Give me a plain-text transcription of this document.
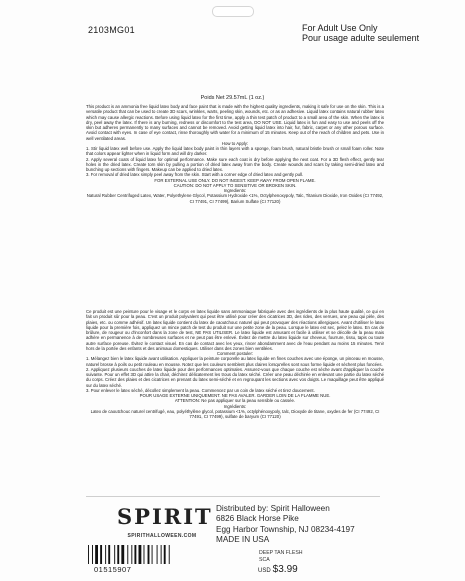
2103MG01	For Adult Use Only
Pour usage adulte seulement
Poids Net 29.57mL (1 oz.)

This product is an ammonia free liquid latex body and face paint that is made with the highest quality ingredients, making it safe for use on the skin. This is a versatile product that can be used to create 3D scars, wrinkles, warts, peeling skin, wounds, etc. or as an adhesive. Liquid latex contains natural rubber latex which may cause allergic reactions. Before using liquid latex for the first time, apply a thin test patch of product to a small area of the skin. When the latex is dry, peel away the latex. If there is any burning, redness or discomfort to the test area, DO NOT USE. Liquid latex is fun and easy to use and peels off the skin but adheres permanently to many surfaces and cannot be removed. Avoid getting liquid latex into hair, fur, fabric, carpet or any other porous surface. Avoid contact with eyes. In case of eye contact, rinse thoroughly with water for a minimum of 15 minutes. Keep out of the reach of children and pets. Use in well ventilated areas.

How to Apply:

1. Stir liquid latex well before use. Apply the liquid latex body paint in thin layers with a sponge, foam brush, natural bristle brush or small foam roller. Note that colors appear lighter when in liquid form and will dry darker.

2. Apply several coats of liquid latex for optimal performance. Make sure each coat is dry before applying the next coat. For a 3D flesh effect, gently tear holes in the dried latex. Create torn skin by pulling a portion of dried latex away from the body. Create wounds and scars by taking semi-dried latex and bunching up sections with fingers. Makeup can be applied to dried latex.

3. For removal of dried latex simply peel away from the skin. Start with a corner edge of dried latex and gently pull.

FOR EXTERNAL USE ONLY. DO NOT INGEST. KEEP AWAY FROM OPEN FLAME.

CAUTION: DO NOT APPLY TO SENSITIVE OR BROKEN SKIN.

Ingredients:

Natural Rubber Centrifuged Latex, Water, Polyethylene Glycol, Potassium Hydroxide <1%, Octylphenoxypoly, Talc, Titanium Dioxide, Iron Oxides (CI 77492, CI 77491, CI 77499), Barium Sulfate (CI 77120)

Ce produit est une peinture pour le visage et le corps en latex liquide sans ammoniaque fabriquée avec des ingrédients de la plus haute qualité, ce qui en fait un produit sûr pour la peau. C'est un produit polyvalent qui peut être utilisé pour créer des cicatrices 3D, des rides, des verrues, une peau qui pèle, des plaies, etc. ou comme adhésif. Un latex liquide contient du latex de caoutchouc naturel qui peut provoquer des réactions allergiques. Avant d'utiliser le latex liquide pour la première fois, appliquez un mince patch de test du produit sur une petite zone de la peau. Lorsque le latex est sec, pelez le latex. En cas de brûlure, de rougeur ou d'inconfort dans la zone de test, NE PAS UTILISER. Le latex liquide est amusant et facile à utiliser et se décolle de la peau mais adhère en permanence à de nombreuses surfaces et ne peut pas être enlevé. Évitez de mettre du latex liquide sur cheveux, fourrure, tissu, tapis ou toute autre surface poreuse. Évitez le contact visuel. En cas de contact avec les yeux, rincer abondamment avec de l'eau pendant au moins 15 minutes. Tenir hors de la portée des enfants et des animaux domestiques. Utiliser dans des zones bien ventilées.

Comment postuler:

1. Mélangez bien le latex liquide avant utilisation. Appliquer la peinture corporelle au latex liquide en fines couches avec une éponge, un pinceau en mousse, naturel brosse à poils ou petit rouleau en mousse. Notez que les couleurs semblent plus claires lorsqu'elles sont sous forme liquide et sèchent plus foncées.

2. Appliquez plusieurs couches de latex liquide pour des performances optimales. Assurez-vous que chaque couche est sèche avant d'appliquer la couche suivante. Pour un effet 3D qui attire la chair, déchirez délicatement les trous du latex séché. Créer une peau déchirée en enlevant une partie du latex séché du corps. Créez des plaies et des cicatrices en prenant du latex semi-séché et en regroupant les sections avec vos doigts. Le maquillage peut être appliqué sur du latex séché.

3. Pour enlever le latex séché, décollez simplement la peau. Commencez par un coin de latex séché et tirez doucement.

POUR USAGE EXTERNE UNIQUEMENT. NE PAS AVALER. GARDER LOIN DE LA FLAMME NUE.

ATTENTION: Ne pas appliquer sur la peau sensible ou cassée.

Ingrédients:

Latex de caoutchouc naturel centrifugé, eau, polyéthylène glycol, potassium <1%, octylphénoxypoly, talc, Dioxyde de titane, oxydes de fer (CI 77492, CI 77491, CI 77499), sulfate de baryum (CI 77120)

SPIRIT
SPIRITHALLOWEEN.COM
Distributed by: Spirit Halloween
6826 Black Horse Pike
Egg Harbor Township, NJ 08234-4197
MADE IN USA
DEEP TAN FLESH
SCA
01515907	USD $3.99
